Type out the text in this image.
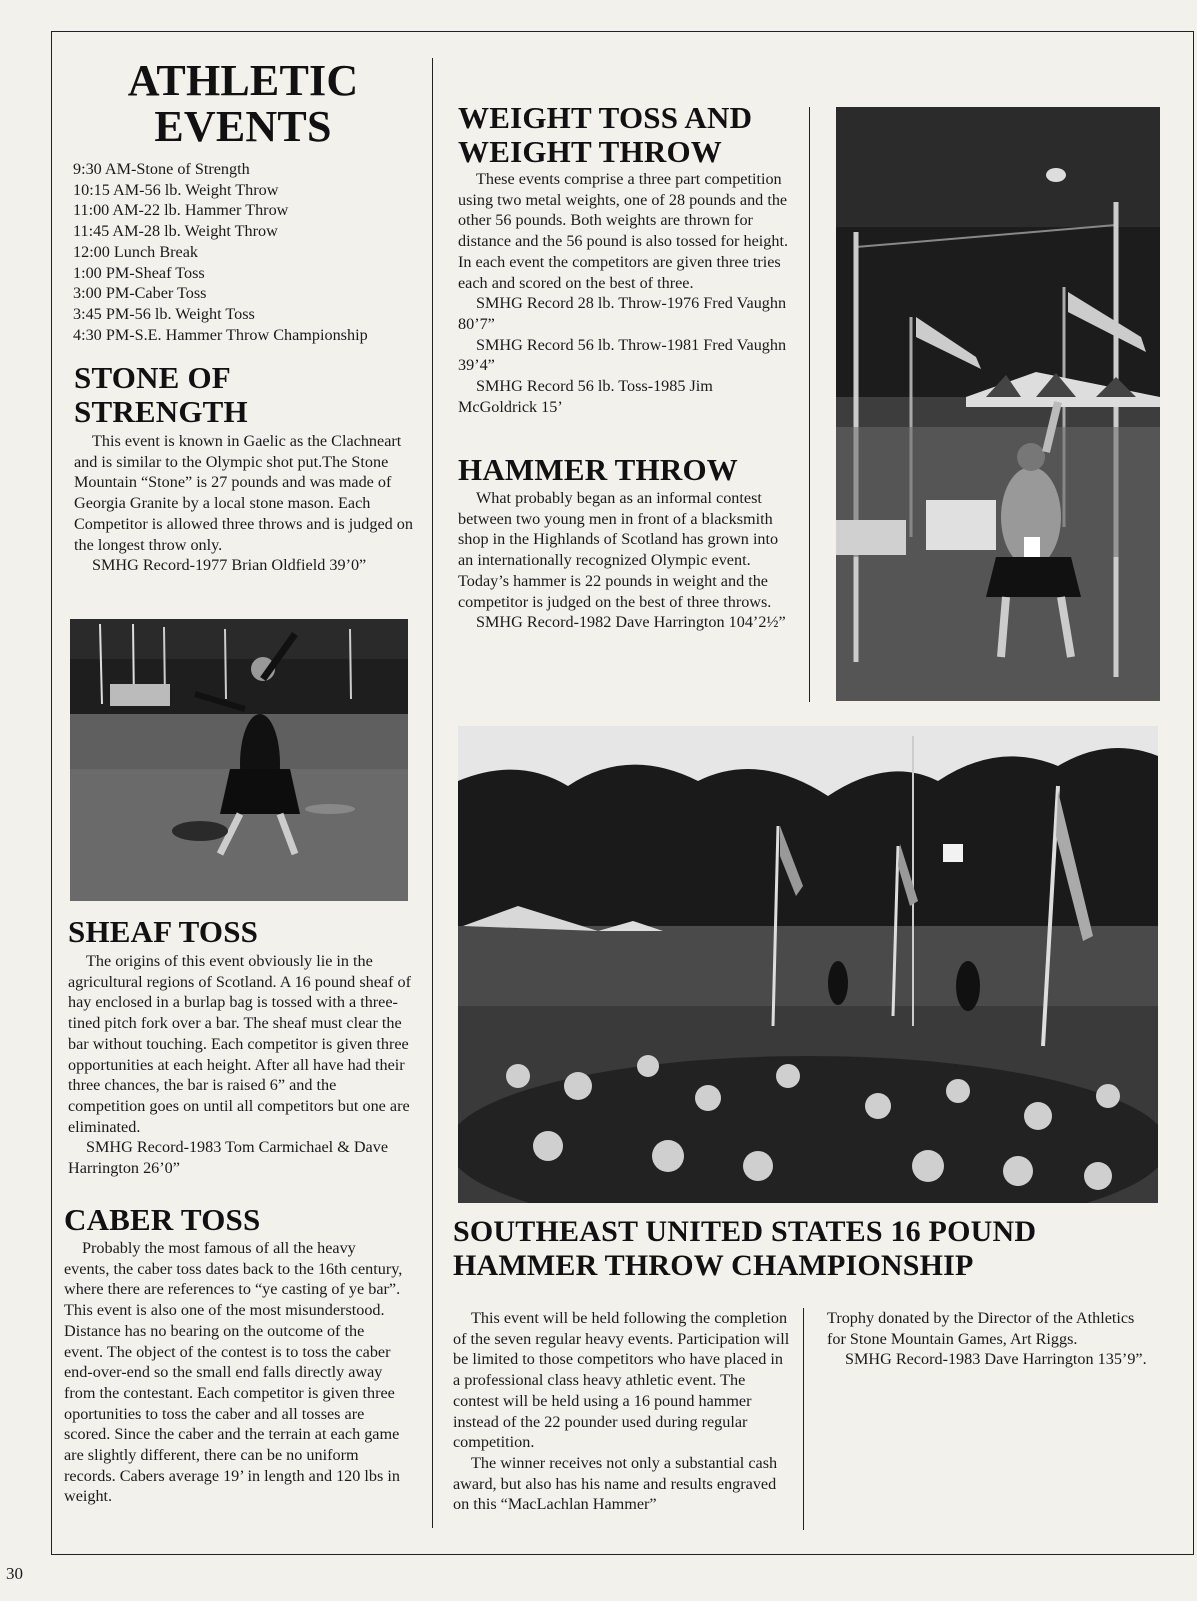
ATHLETIC
EVENTS
9:30 AM-Stone of Strength
10:15 AM-56 lb. Weight Throw
11:00 AM-22 lb. Hammer Throw
11:45 AM-28 lb. Weight Throw
12:00 Lunch Break
1:00 PM-Sheaf Toss
3:00 PM-Caber Toss
3:45 PM-56 lb. Weight Toss
4:30 PM-S.E. Hammer Throw Championship
STONE OF
STRENGTH

This event is known in Gaelic as the Clachneart and is similar to the Olympic shot put.The Stone Mountain “Stone” is 27 pounds and was made of Georgia Granite by a local stone mason. Each Competitor is allowed three throws and is judged on the longest throw only.

SMHG Record-1977 Brian Oldfield 39’0”

SHEAF TOSS

The origins of this event obviously lie in the agricultural regions of Scotland. A 16 pound sheaf of hay enclosed in a burlap bag is tossed with a three-tined pitch fork over a bar. The sheaf must clear the bar without touching. Each competitor is given three opportunities at each height. After all have had their three chances, the bar is raised 6” and the competition goes on until all competitors but one are eliminated.

SMHG Record-1983 Tom Carmichael & Dave Harrington 26’0”

CABER TOSS

Probably the most famous of all the heavy events, the caber toss dates back to the 16th century, where there are references to “ye casting of ye bar”. This event is also one of the most misunderstood. Distance has no bearing on the outcome of the event. The object of the contest is to toss the caber end-over-end so the small end falls directly away from the contestant. Each competitor is given three oportunities to toss the caber and all tosses are scored. Since the caber and the terrain at each game are slightly different, there can be no uniform records. Cabers average 19’ in length and 120 lbs in weight.

WEIGHT TOSS AND
WEIGHT THROW

These events comprise a three part competition using two metal weights, one of 28 pounds and the other 56 pounds. Both weights are thrown for distance and the 56 pound is also tossed for height. In each event the competitors are given three tries each and scored on the best of three.

SMHG Record 28 lb. Throw-1976 Fred Vaughn 80’7”

SMHG Record 56 lb. Throw-1981 Fred Vaughn 39’4”

SMHG Record 56 lb. Toss-1985 Jim McGoldrick 15’

HAMMER THROW

What probably began as an informal contest between two young men in front of a blacksmith shop in the Highlands of Scotland has grown into an internationally recognized Olympic event. Today’s hammer is 22 pounds in weight and the competitor is judged on the best of three throws.

SMHG Record-1982 Dave Harrington 104’2½”

SOUTHEAST UNITED STATES 16 POUND
HAMMER THROW CHAMPIONSHIP

This event will be held following the completion of the seven regular heavy events. Participation will be limited to those competitors who have placed in a professional class heavy athletic event. The contest will be held using a 16 pound hammer instead of the 22 pounder used during regular competition.

The winner receives not only a substantial cash award, but also has his name and results engraved on this “MacLachlan Hammer”

Trophy donated by the Director of the Athletics for Stone Mountain Games, Art Riggs.

SMHG Record-1983 Dave Harrington 135’9”.

30
